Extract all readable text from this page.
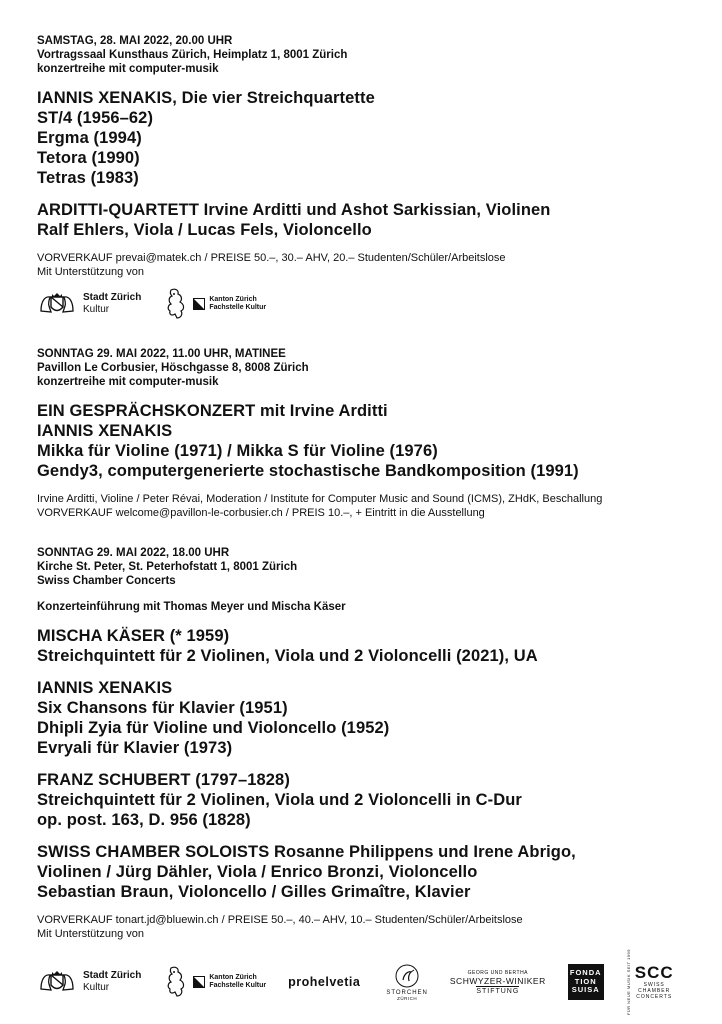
SAMSTAG, 28. MAI 2022, 20.00 UHR
Vortragssaal Kunsthaus Zürich, Heimplatz 1, 8001 Zürich
konzertreihe mit computer-musik
IANNIS XENAKIS, Die vier Streichquartette
ST/4 (1956–62)
Ergma (1994)
Tetora (1990)
Tetras (1983)
ARDITTI-QUARTETT Irvine Arditti und Ashot Sarkissian, Violinen
Ralf Ehlers, Viola / Lucas Fels, Violoncello
VORVERKAUF prevai@matek.ch / PREISE 50.–, 30.– AHV, 20.– Studenten/Schüler/Arbeitslose
Mit Unterstützung von
Stadt Zürich
Kultur
Kanton Zürich
Fachstelle Kultur
SONNTAG 29. MAI 2022, 11.00 UHR, MATINEE
Pavillon Le Corbusier, Höschgasse 8, 8008 Zürich
konzertreihe mit computer-musik
EIN GESPRÄCHSKONZERT mit Irvine Arditti
IANNIS XENAKIS
Mikka für Violine (1971) / Mikka S für Violine (1976)
Gendy3, computergenerierte stochastische Bandkomposition (1991)
Irvine Arditti, Violine / Peter Révai, Moderation / Institute for Computer Music and Sound (ICMS), ZHdK, Beschallung
VORVERKAUF welcome@pavillon-le-corbusier.ch / PREIS 10.–, + Eintritt in die Ausstellung
SONNTAG 29. MAI 2022, 18.00 UHR
Kirche St. Peter, St. Peterhofstatt 1, 8001 Zürich
Swiss Chamber Concerts
Konzerteinführung mit Thomas Meyer und Mischa Käser
MISCHA KÄSER (* 1959)
Streichquintett für 2 Violinen, Viola und 2 Violoncelli (2021), UA
IANNIS XENAKIS
Six Chansons für Klavier (1951)
Dhipli Zyia für Violine und Violoncello (1952)
Evryali für Klavier (1973)
FRANZ SCHUBERT (1797–1828)
Streichquintett für 2 Violinen, Viola und 2 Violoncelli in C-Dur
op. post. 163, D. 956 (1828)
SWISS CHAMBER SOLOISTS Rosanne Philippens und Irene Abrigo,
Violinen / Jürg Dähler, Viola / Enrico Bronzi, Violoncello
Sebastian Braun, Violoncello / Gilles Grimaître, Klavier
VORVERKAUF tonart.jd@bluewin.ch / PREISE 50.–, 40.– AHV, 10.– Studenten/Schüler/Arbeitslose
Mit Unterstützung von
Stadt Zürich
Kultur
Kanton Zürich
Fachstelle Kultur prohelvetia
STORCHEN
ZÜRICH
GEORG UND BERTHA
SCHWYZER-WINIKER
STIFTUNG
FONDA
TION
SUISA	FÜR NEUE MUSIK SEIT 1999 SCC
SWISS
CHAMBER
CONCERTS
